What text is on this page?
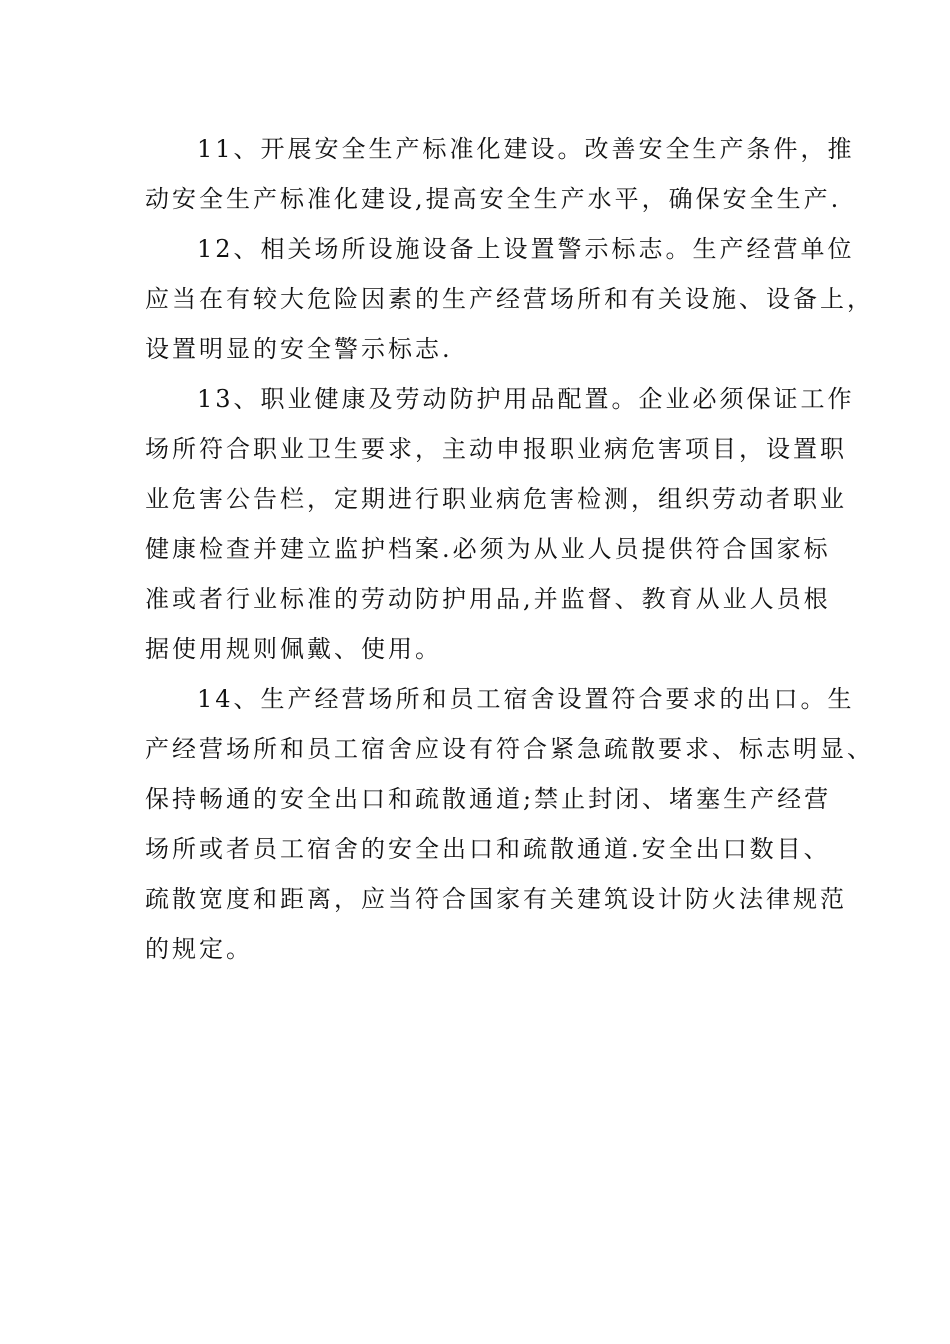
11、开展安全生产标准化建设。改善安全生产条件，推
动安全生产标准化建设,提高安全生产水平，确保安全生产.

12、相关场所设施设备上设置警示标志。生产经营单位
应当在有较大危险因素的生产经营场所和有关设施、设备上，
设置明显的安全警示标志.

13、职业健康及劳动防护用品配置。企业必须保证工作
场所符合职业卫生要求，主动申报职业病危害项目，设置职
业危害公告栏，定期进行职业病危害检测，组织劳动者职业
健康检查并建立监护档案.必须为从业人员提供符合国家标
准或者行业标准的劳动防护用品,并监督、教育从业人员根
据使用规则佩戴、使用。

14、生产经营场所和员工宿舍设置符合要求的出口。生
产经营场所和员工宿舍应设有符合紧急疏散要求、标志明显、
保持畅通的安全出口和疏散通道;禁止封闭、堵塞生产经营
场所或者员工宿舍的安全出口和疏散通道.安全出口数目、
疏散宽度和距离，应当符合国家有关建筑设计防火法律规范
的规定。
